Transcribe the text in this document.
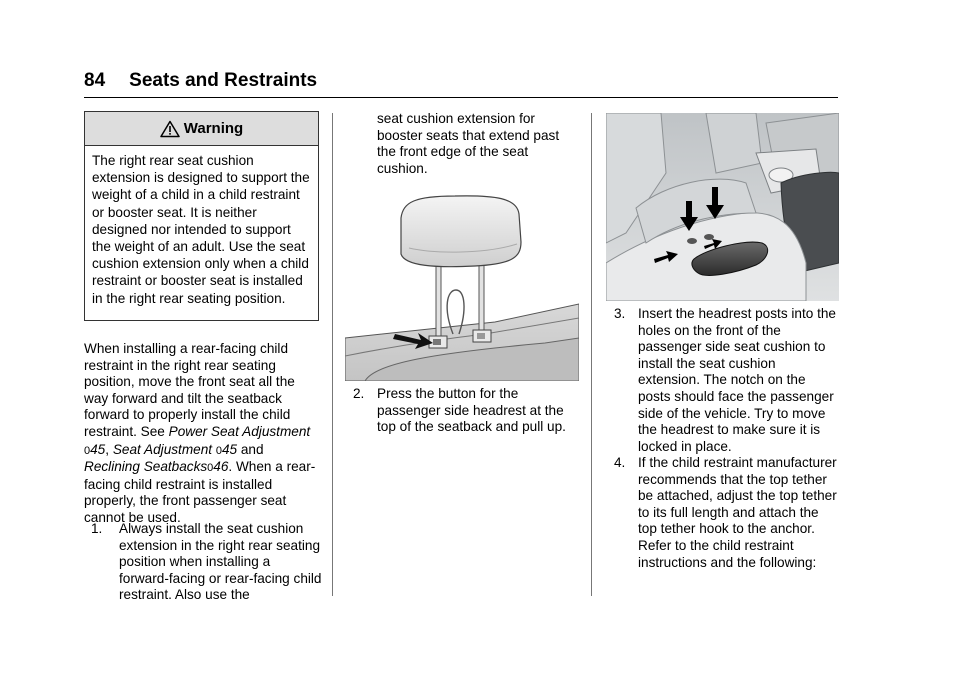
84 Seats and Restraints
Warning
The right rear seat cushion extension is designed to support the weight of a child in a child restraint or booster seat. It is neither designed nor intended to support the weight of an adult. Use the seat cushion extension only when a child restraint or booster seat is installed in the right rear seating position.

When installing a rear-facing child restraint in the right rear seating position, move the front seat all the way forward and tilt the seatback forward to properly install the child restraint. See Power Seat Adjustment 045, Seat Adjustment 045 and Reclining Seatbacks046. When a rear-facing child restraint is installed properly, the front passenger seat cannot be used.

1.	Always install the seat cushion extension in the right rear seating position when installing a forward-facing or rear-facing child restraint. Also use the
seat cushion extension for booster seats that extend past the front edge of the seat cushion.
2. Press the button for the passenger side headrest at the top of the seatback and pull up.
3. Insert the headrest posts into the holes on the front of the passenger side seat cushion to install the seat cushion extension. The notch on the posts should face the passenger side of the vehicle. Try to move the headrest to make sure it is locked in place.
4. If the child restraint manufacturer recommends that the top tether be attached, adjust the top tether to its full length and attach the top tether hook to the anchor. Refer to the child restraint instructions and the following:
